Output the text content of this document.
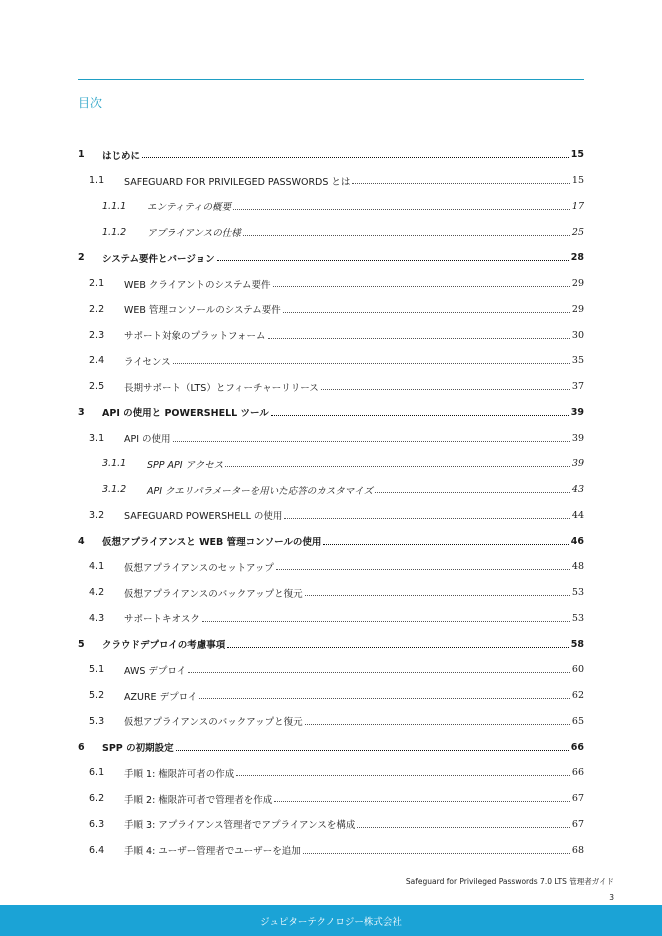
目次
1	はじめに	15
1.1	SAFEGUARD FOR PRIVILEGED PASSWORDS とは	15
1.1.1	エンティティの概要	17
1.1.2	アプライアンスの仕様	25
2	システム要件とバージョン	28
2.1	WEB クライアントのシステム要件	29
2.2	WEB 管理コンソールのシステム要件	29
2.3	サポート対象のプラットフォーム	30
2.4	ライセンス	35
2.5	長期サポート（LTS）とフィーチャーリリース	37
3	API の使用と POWERSHELL ツール	39
3.1	API の使用	39
3.1.1	SPP API アクセス	39
3.1.2	API クエリパラメーターを用いた応答のカスタマイズ	43
3.2	SAFEGUARD POWERSHELL の使用	44
4	仮想アプライアンスと WEB 管理コンソールの使用	46
4.1	仮想アプライアンスのセットアップ	48
4.2	仮想アプライアンスのバックアップと復元	53
4.3	サポートキオスク	53
5	クラウドデプロイの考慮事項	58
5.1	AWS デプロイ	60
5.2	AZURE デプロイ	62
5.3	仮想アプライアンスのバックアップと復元	65
6	SPP の初期設定	66
6.1	手順 1: 権限許可者の作成	66
6.2	手順 2: 権限許可者で管理者を作成	67
6.3	手順 3: アプライアンス管理者でアプライアンスを構成	67
6.4	手順 4: ユーザー管理者でユーザーを追加	68
Safeguard for Privileged Passwords 7.0 LTS 管理者ガイド
3
ジュピターテクノロジー株式会社
